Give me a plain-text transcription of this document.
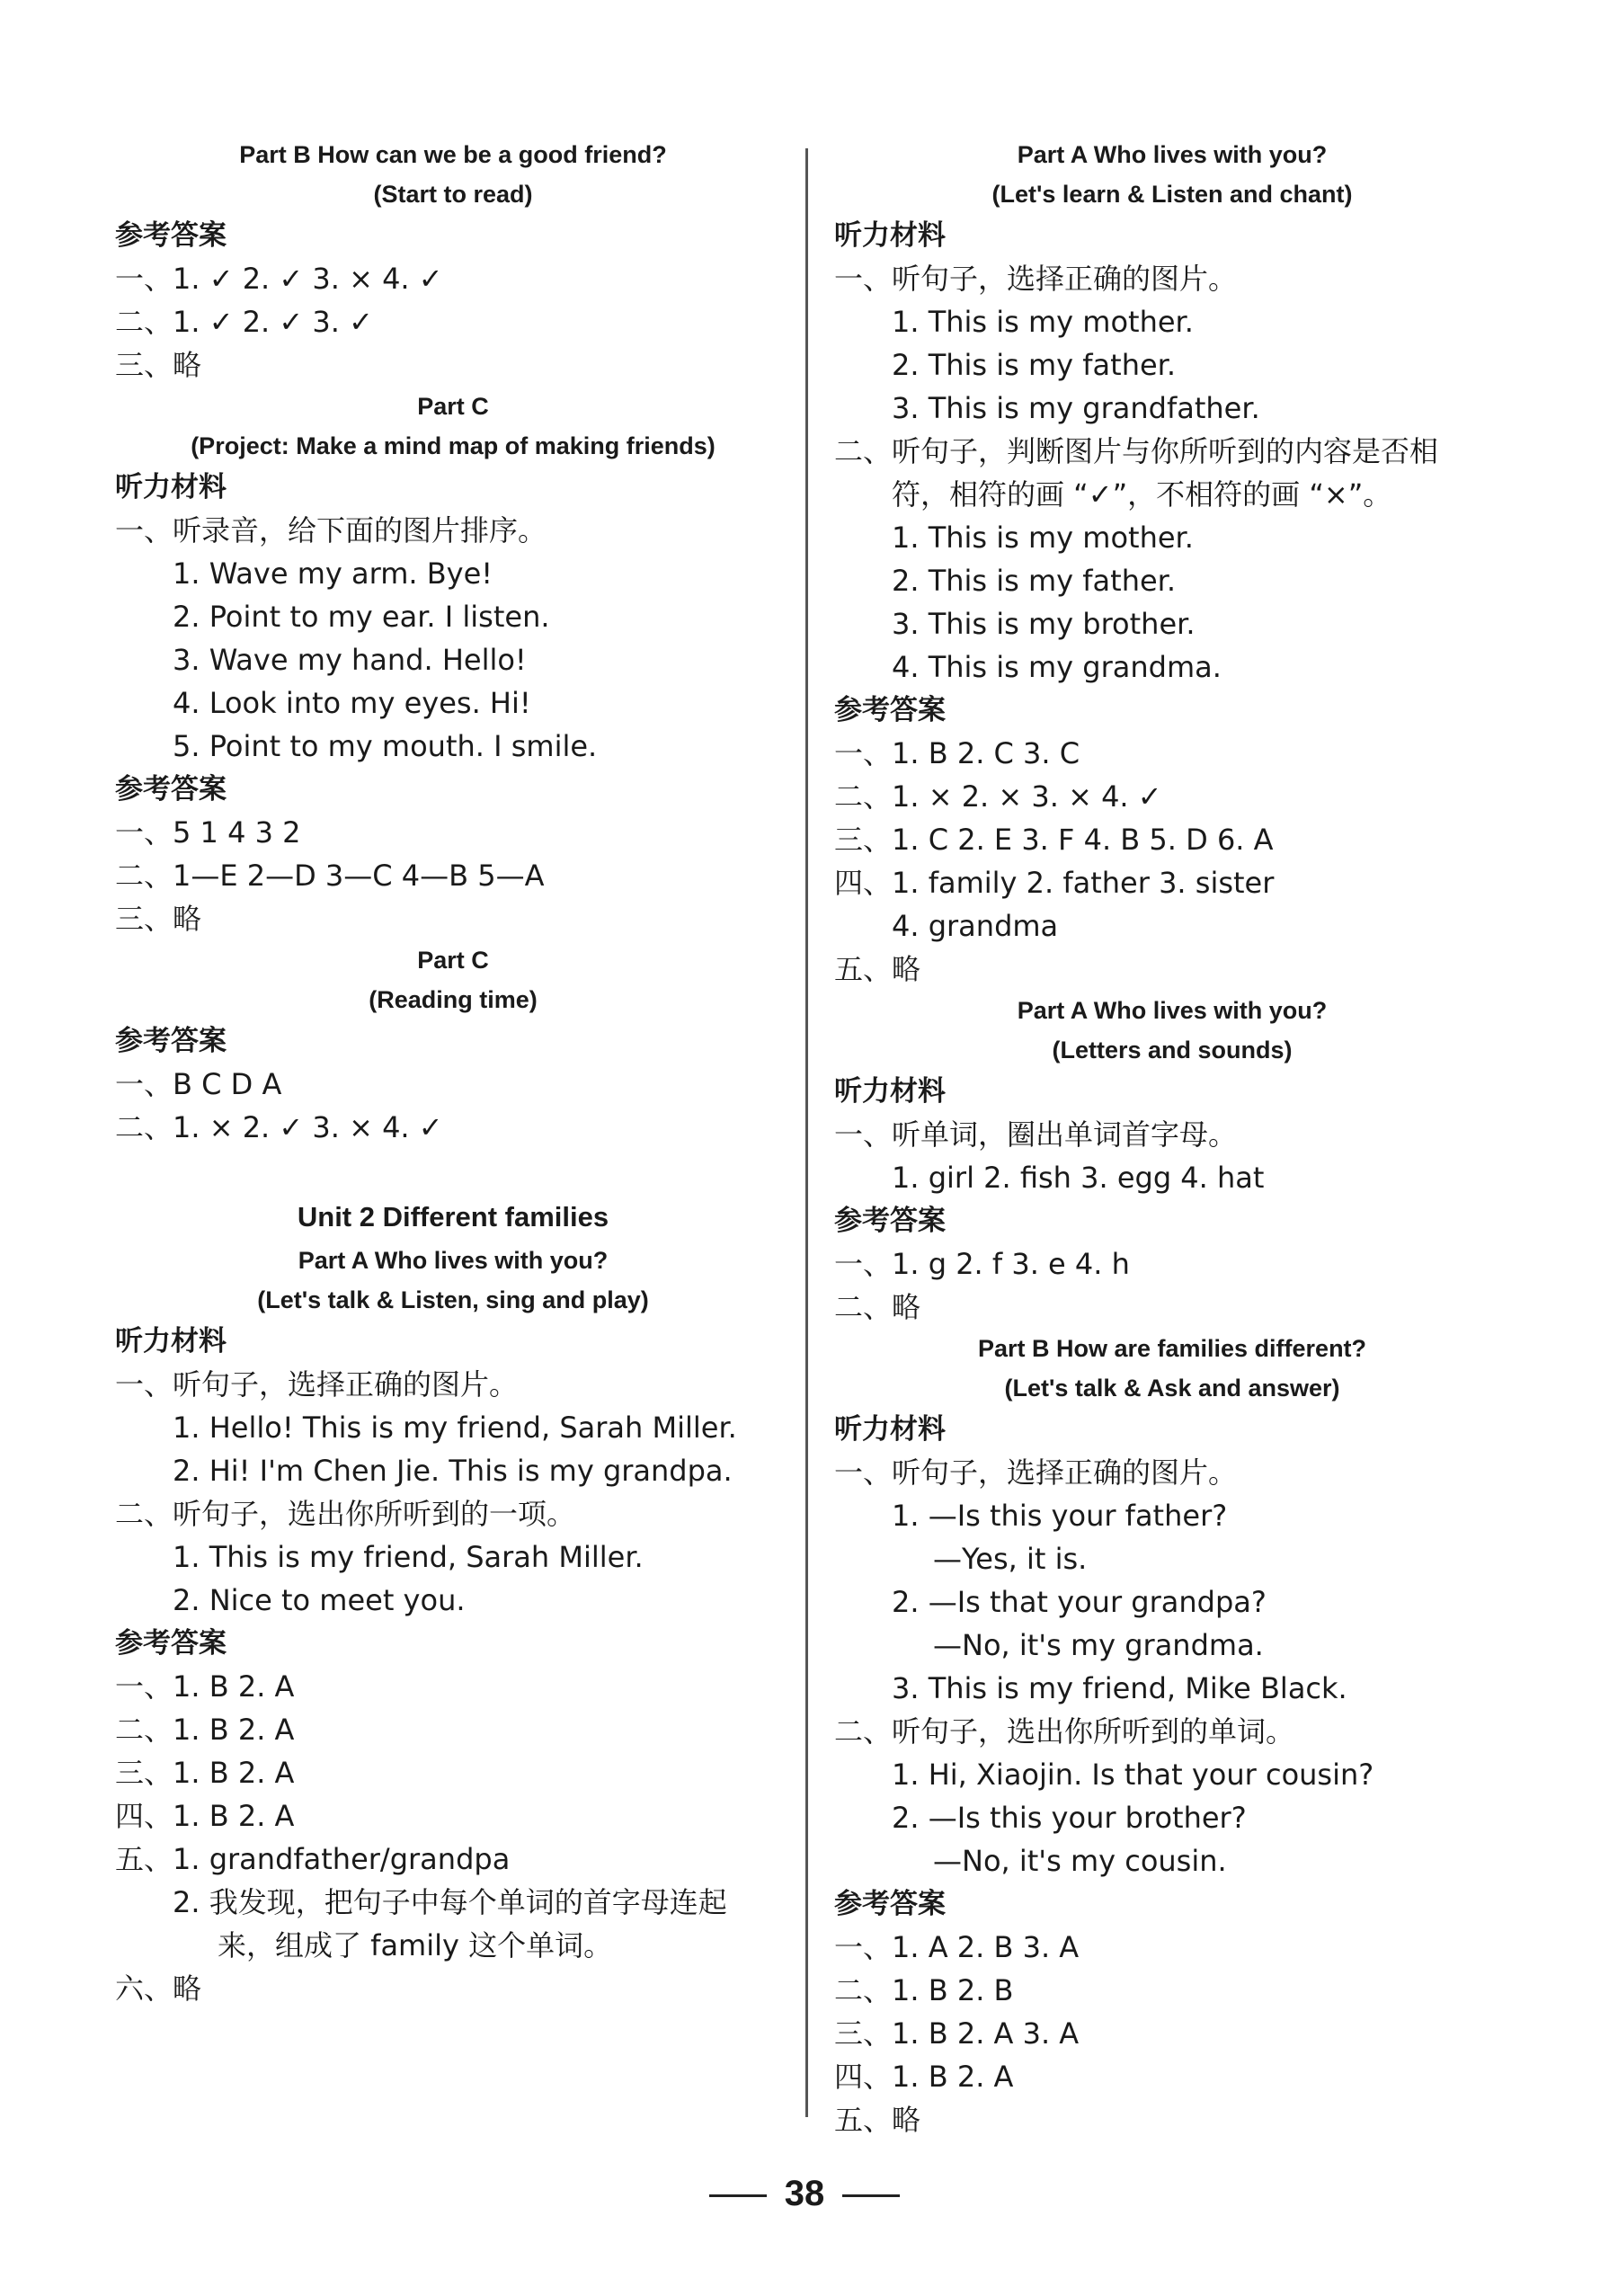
Part B How can we be a good friend?
(Start to read)
参考答案
一、1. ✓ 2. ✓ 3. × 4. ✓
二、1. ✓ 2. ✓ 3. ✓
三、略
Part C
(Project: Make a mind map of making friends)
听力材料
一、听录音，给下面的图片排序。
1. Wave my arm. Bye!
2. Point to my ear. I listen.
3. Wave my hand. Hello!
4. Look into my eyes. Hi!
5. Point to my mouth. I smile.
参考答案
一、5 1 4 3 2
二、1—E 2—D 3—C 4—B 5—A
三、略
Part C
(Reading time)
参考答案
一、B C D A
二、1. × 2. ✓ 3. × 4. ✓
Unit 2 Different families
Part A Who lives with you?
(Let's talk & Listen, sing and play)
听力材料
一、听句子，选择正确的图片。
1. Hello! This is my friend, Sarah Miller.
2. Hi! I'm Chen Jie. This is my grandpa.
二、听句子，选出你所听到的一项。
1. This is my friend, Sarah Miller.
2. Nice to meet you.
参考答案
一、1. B 2. A
二、1. B 2. A
三、1. B 2. A
四、1. B 2. A
五、1. grandfather/grandpa
2. 我发现，把句子中每个单词的首字母连起
来，组成了 family 这个单词。
六、略
Part A Who lives with you?
(Let's learn & Listen and chant)
听力材料
一、听句子，选择正确的图片。
1. This is my mother.
2. This is my father.
3. This is my grandfather.
二、听句子，判断图片与你所听到的内容是否相
符，相符的画 “✓”，不相符的画 “×”。
1. This is my mother.
2. This is my father.
3. This is my brother.
4. This is my grandma.
参考答案
一、1. B 2. C 3. C
二、1. × 2. × 3. × 4. ✓
三、1. C 2. E 3. F 4. B 5. D 6. A
四、1. family 2. father 3. sister
4. grandma
五、略
Part A Who lives with you?
(Letters and sounds)
听力材料
一、听单词，圈出单词首字母。
1. girl 2. fish 3. egg 4. hat
参考答案
一、1. g 2. f 3. e 4. h
二、略
Part B How are families different?
(Let's talk & Ask and answer)
听力材料
一、听句子，选择正确的图片。
1. —Is this your father?
—Yes, it is.
2. —Is that your grandpa?
—No, it's my grandma.
3. This is my friend, Mike Black.
二、听句子，选出你所听到的单词。
1. Hi, Xiaojin. Is that your cousin?
2. —Is this your brother?
—No, it's my cousin.
参考答案
一、1. A 2. B 3. A
二、1. B 2. B
三、1. B 2. A 3. A
四、1. B 2. A
五、略
38
